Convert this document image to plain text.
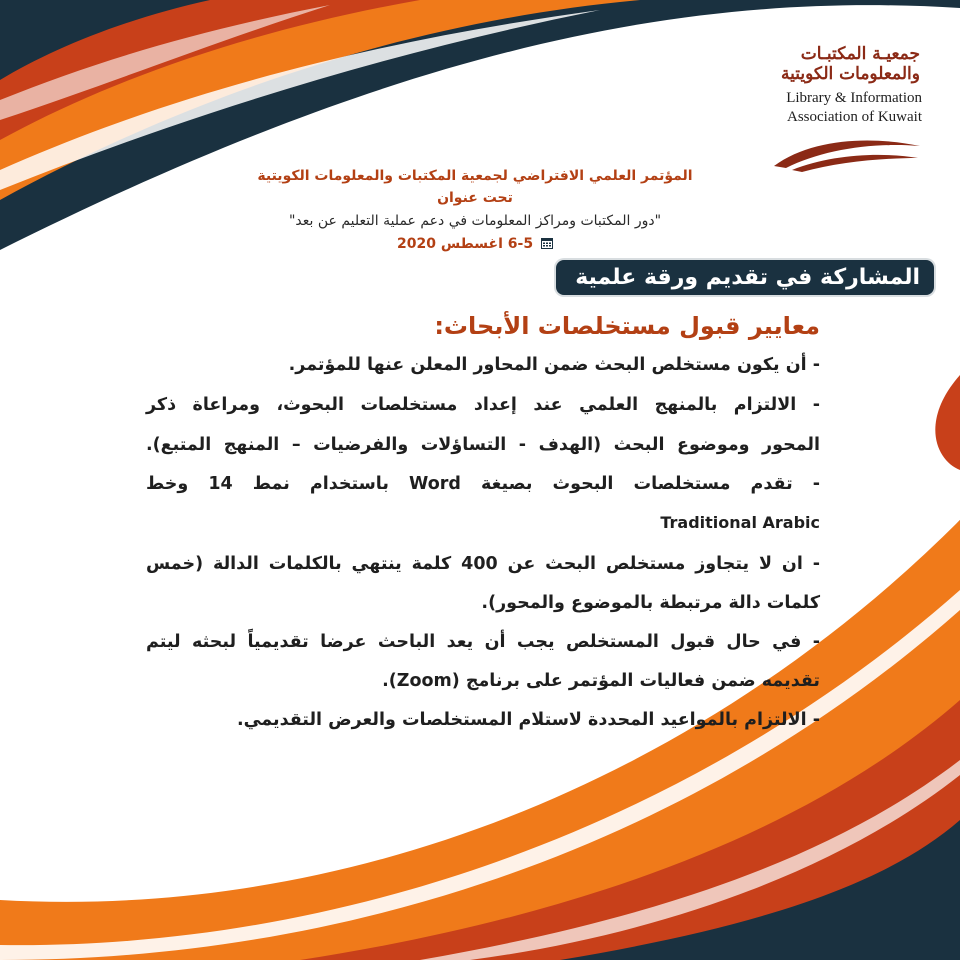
جمعيـة المكتبـات
والمعلومات الكويتية
Library & Information
Association of Kuwait
المؤتمر العلمي الافتراضي لجمعية المكتبات والمعلومات الكويتية
تحت عنوان
"دور المكتبات ومراكز المعلومات في دعم عملية التعليم عن بعد"
6-5 اغسطس 2020
المشاركة في تقديم ورقة علمية
معايير قبول مستخلصات الأبحاث:
- أن يكون مستخلص البحث ضمن المحاور المعلن عنها للمؤتمر.
- الالتزام بالمنهج العلمي عند إعداد مستخلصات البحوث، ومراعاة ذكر
المحور وموضوع البحث (الهدف - التساؤلات والفرضيات – المنهج المتبع).
- تقدم مستخلصات البحوث بصيغة Word باستخدام نمط 14 وخط
Traditional Arabic
- ان لا يتجاوز مستخلص البحث عن 400 كلمة ينتهي بالكلمات الدالة (خمس
كلمات دالة مرتبطة بالموضوع والمحور).
- في حال قبول المستخلص يجب أن يعد الباحث عرضا تقديمياً لبحثه ليتم
تقديمه ضمن فعاليات المؤتمر على برنامج (Zoom).
- الالتزام بالمواعيد المحددة لاستلام المستخلصات والعرض التقديمي.
